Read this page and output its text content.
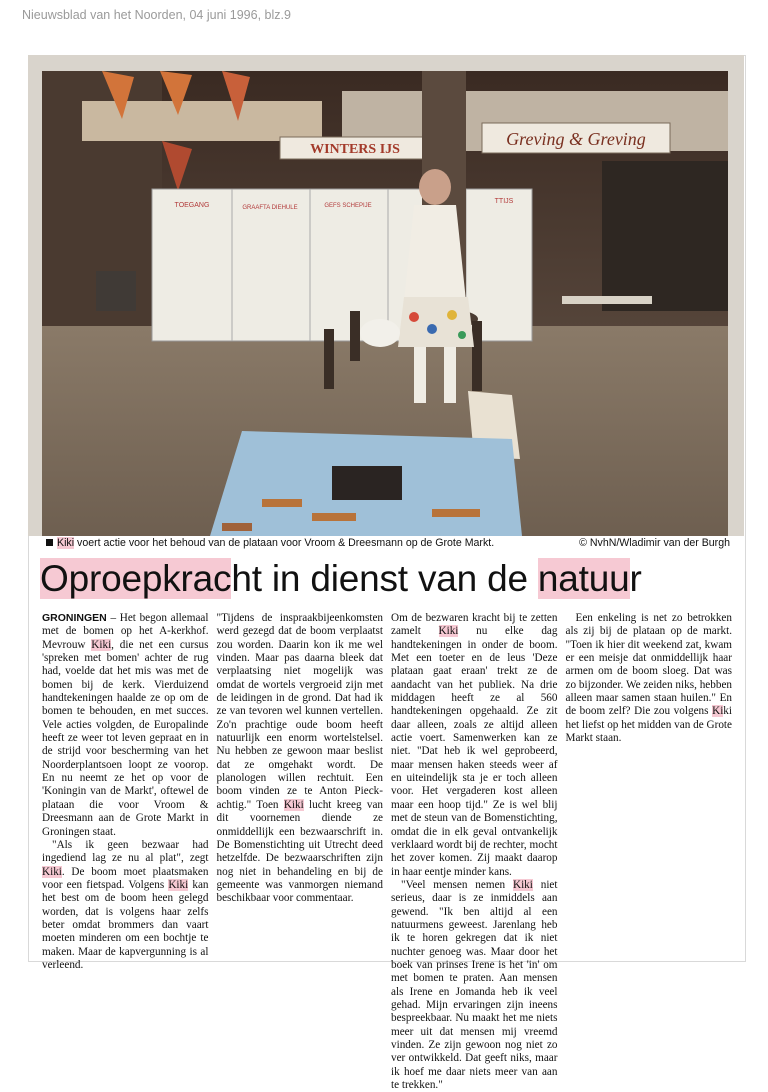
Nieuwsblad van het Noorden, 04 juni 1996, blz.9
WINTERS IJS
Greving & Greving
TOEGANG	GRAAFTA DIEHULE	GEFS SCHEPIJE
TTIJS
Kiki voert actie voor het behoud van de plataan voor Vroom & Dreesmann op de Grote Markt.	© NvhN/Wladimir van der Burgh
Oproepkracht in dienst van de natuur

GRONINGEN – Het begon allemaal met de bomen op het A-kerkhof. Mevrouw Kiki, die net een cursus 'spreken met bomen' achter de rug had, voelde dat het mis was met de bomen bij de kerk. Vierduizend handtekeningen haalde ze op om de bomen te behouden, en met succes. Vele acties volgden, de Europalinde heeft ze weer tot leven gepraat en in de strijd voor bescherming van het Noorderplantsoen loopt ze voorop. En nu neemt ze het op voor de 'Koningin van de Markt', oftewel de plataan die voor Vroom & Dreesmann aan de Grote Markt in Groningen staat.

"Als ik geen bezwaar had ingediend lag ze nu al plat", zegt Kiki. De boom moet plaatsmaken voor een fietspad. Volgens Kiki kan het best om de boom heen gelegd worden, dat is volgens haar zelfs beter omdat brommers dan vaart moeten minderen om een bochtje te maken. Maar de kapvergunning is al verleend.

"Tijdens de inspraakbijeenkomsten werd gezegd dat de boom verplaatst zou worden. Daarin kon ik me wel vinden. Maar pas daarna bleek dat verplaatsing niet mogelijk was omdat de wortels vergroeid zijn met de leidingen in de grond. Dat had ik ze van tevoren wel kunnen vertellen. Zo'n prachtige oude boom heeft natuurlijk een enorm wortelstelsel. Nu hebben ze gewoon maar beslist dat ze omgehakt wordt. De planologen willen rechtuit. Een boom vinden ze te Anton Pieck-achtig." Toen Kiki lucht kreeg van dit voornemen diende ze onmiddellijk een bezwaarschrift in. De Bomenstichting uit Utrecht deed hetzelfde. De bezwaarschriften zijn nog niet in behandeling en bij de gemeente was vanmorgen niemand beschikbaar voor commentaar.

Om de bezwaren kracht bij te zetten zamelt Kiki nu elke dag handtekeningen in onder de boom. Met een toeter en de leus 'Deze plataan gaat eraan' trekt ze de aandacht van het publiek. Na drie middagen heeft ze al 560 handtekeningen opgehaald. Ze zit daar alleen, zoals ze altijd alleen actie voert. Samenwerken kan ze niet. "Dat heb ik wel geprobeerd, maar mensen haken steeds weer af en uiteindelijk sta je er toch alleen voor. Het vergaderen kost alleen maar een hoop tijd." Ze is wel blij met de steun van de Bomenstichting, omdat die in elk geval ontvankelijk verklaard wordt bij de rechter, mocht het zover komen. Zij maakt daarop in haar eentje minder kans.

"Veel mensen nemen Kiki niet serieus, daar is ze inmiddels aan gewend. "Ik ben altijd al een natuurmens geweest. Jarenlang heb ik te horen gekregen dat ik niet nuchter genoeg was. Maar door het boek van prinses Irene is het 'in' om met bomen te praten. Aan mensen als Irene en Jomanda heb ik veel gehad. Mijn ervaringen zijn ineens bespreekbaar. Nu maakt het me niets meer uit dat mensen mij vreemd vinden. Ze zijn gewoon nog niet zo ver ontwikkeld. Dat geeft niks, maar ik hoef me daar niets meer van aan te trekken."

Een enkeling is net zo betrokken als zij bij de plataan op de markt. "Toen ik hier dit weekend zat, kwam er een meisje dat onmiddellijk haar armen om de boom sloeg. Dat was zo bijzonder. We zeiden niks, hebben alleen maar samen staan huilen." En de boom zelf? Die zou volgens Kiki het liefst op het midden van de Grote Markt staan.
